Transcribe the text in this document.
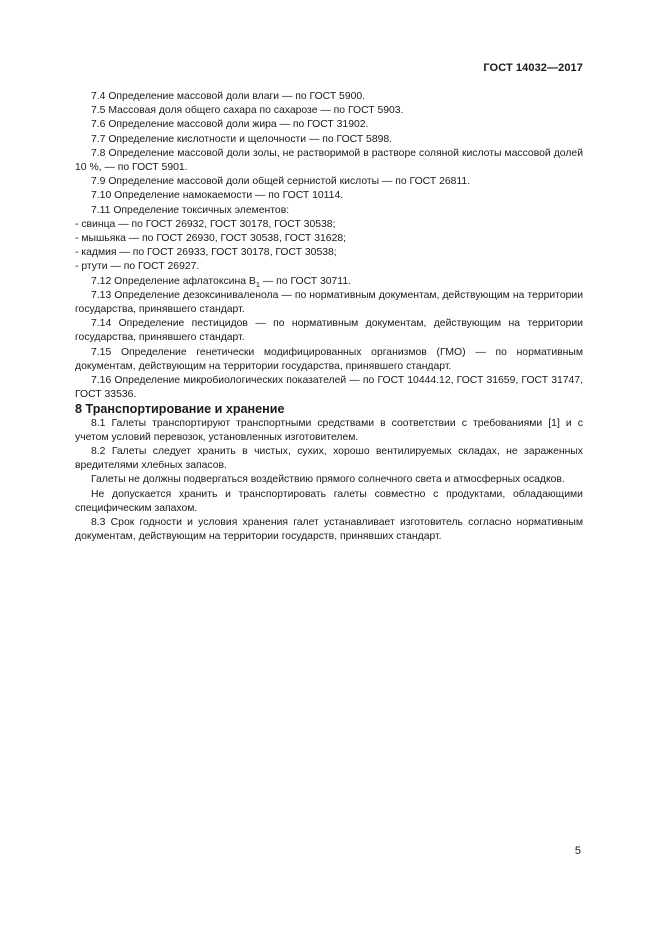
ГОСТ 14032—2017

7.4 Определение массовой доли влаги — по ГОСТ 5900.

7.5 Массовая доля общего сахара по сахарозе — по ГОСТ 5903.

7.6 Определение массовой доли жира — по ГОСТ 31902.

7.7 Определение кислотности и щелочности — по ГОСТ 5898.

7.8 Определение массовой доли золы, не растворимой в растворе соляной кислоты массовой долей 10 %, — по ГОСТ 5901.

7.9 Определение массовой доли общей сернистой кислоты — по ГОСТ 26811.

7.10 Определение намокаемости — по ГОСТ 10114.

7.11 Определение токсичных элементов:

- свинца — по ГОСТ 26932, ГОСТ 30178, ГОСТ 30538;

- мышьяка — по ГОСТ 26930, ГОСТ 30538, ГОСТ 31628;

- кадмия — по ГОСТ 26933, ГОСТ 30178, ГОСТ 30538;

- ртути — по ГОСТ 26927.

7.12 Определение афлатоксина $B_1$ — по ГОСТ 30711.

7.13 Определение дезоксиниваленола — по нормативным документам, действующим на территории государства, принявшего стандарт.

7.14 Определение пестицидов — по нормативным документам, действующим на территории государства, принявшего стандарт.

7.15 Определение генетически модифицированных организмов (ГМО) — по нормативным документам, действующим на территории государства, принявшего стандарт.

7.16 Определение микробиологических показателей — по ГОСТ 10444.12, ГОСТ 31659, ГОСТ 31747, ГОСТ 33536.

8 Транспортирование и хранение

8.1 Галеты транспортируют транспортными средствами в соответствии с требованиями [1] и с учетом условий перевозок, установленных изготовителем.

8.2 Галеты следует хранить в чистых, сухих, хорошо вентилируемых складах, не зараженных вредителями хлебных запасов.

Галеты не должны подвергаться воздействию прямого солнечного света и атмосферных осадков.

Не допускается хранить и транспортировать галеты совместно с продуктами, обладающими специфическим запахом.

8.3 Срок годности и условия хранения галет устанавливает изготовитель согласно нормативным документам, действующим на территории государств, принявших стандарт.

5
